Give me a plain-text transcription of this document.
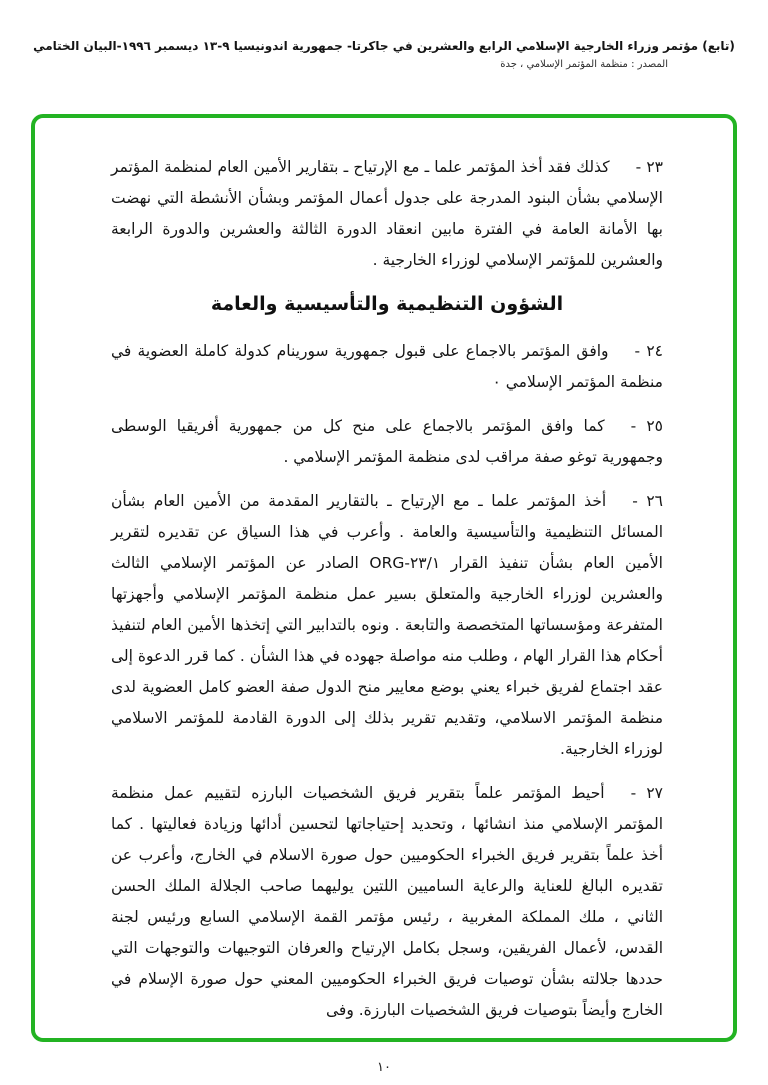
(تابع) مؤتمر وزراء الخارجية الإسلامي الرابع والعشرين في جاكرتا- جمهورية اندونيسيا ٩-١٣ ديسمبر ١٩٩٦-البيان الختامي
المصدر : منظمة المؤتمر الإسلامي ، جدة

٢٣ -كذلك فقد أخذ المؤتمر علما ـ مع الإرتياح ـ بتقارير الأمين العام لمنظمة المؤتمر الإسلامي بشأن البنود المدرجة على جدول أعمال المؤتمر وبشأن الأنشطة التي نهضت بها الأمانة العامة في الفترة مابين انعقاد الدورة الثالثة والعشرين والدورة الرابعة والعشرين للمؤتمر الإسلامي لوزراء الخارجية .

الشؤون التنظيمية والتأسيسية والعامة

٢٤ -وافق المؤتمر بالاجماع على قبول جمهورية سورينام كدولة كاملة العضوية في منظمة المؤتمر الإسلامي ٠

٢٥ -كما وافق المؤتمر بالاجماع على منح كل من جمهورية أفريقيا الوسطى وجمهورية توغو صفة مراقب لدى منظمة المؤتمر الإسلامي .

٢٦ -أخذ المؤتمر علما ـ مع الإرتياح ـ بالتقارير المقدمة من الأمين العام بشأن المسائل التنظيمية والتأسيسية والعامة . وأعرب في هذا السياق عن تقديره لتقرير الأمين العام بشأن تنفيذ القرار ٢٣/١-ORG الصادر عن المؤتمر الإسلامي الثالث والعشرين لوزراء الخارجية والمتعلق بسير عمل منظمة المؤتمر الإسلامي وأجهزتها المتفرعة ومؤسساتها المتخصصة والتابعة . ونوه بالتدابير التي إتخذها الأمين العام لتنفيذ أحكام هذا القرار الهام ، وطلب منه مواصلة جهوده في هذا الشأن . كما قرر الدعوة إلى عقد اجتماع لفريق خبراء يعني بوضع معايير منح الدول صفة العضو كامل العضوية لدى منظمة المؤتمر الاسلامي، وتقديم تقرير بذلك إلى الدورة القادمة للمؤتمر الاسلامي لوزراء الخارجية.

٢٧ -أحيط المؤتمر علماً بتقرير فريق الشخصيات البارزه لتقييم عمل منظمة المؤتمر الإسلامي منذ انشائها ، وتحديد إحتياجاتها لتحسين أدائها وزيادة فعاليتها . كما أخذ علماً بتقرير فريق الخبراء الحكوميين حول صورة الاسلام في الخارج، وأعرب عن تقديره البالغ للعناية والرعاية الساميين اللتين يوليهما صاحب الجلالة الملك الحسن الثاني ، ملك المملكة المغربية ، رئيس مؤتمر القمة الإسلامي السابع ورئيس لجنة القدس، لأعمال الفريقين، وسجل بكامل الإرتياح والعرفان التوجيهات والتوجهات التي حددها جلالته بشأن توصيات فريق الخبراء الحكوميين المعني حول صورة الإسلام في الخارج وأيضاً بتوصيات فريق الشخصيات البارزة. وفى

١٠
